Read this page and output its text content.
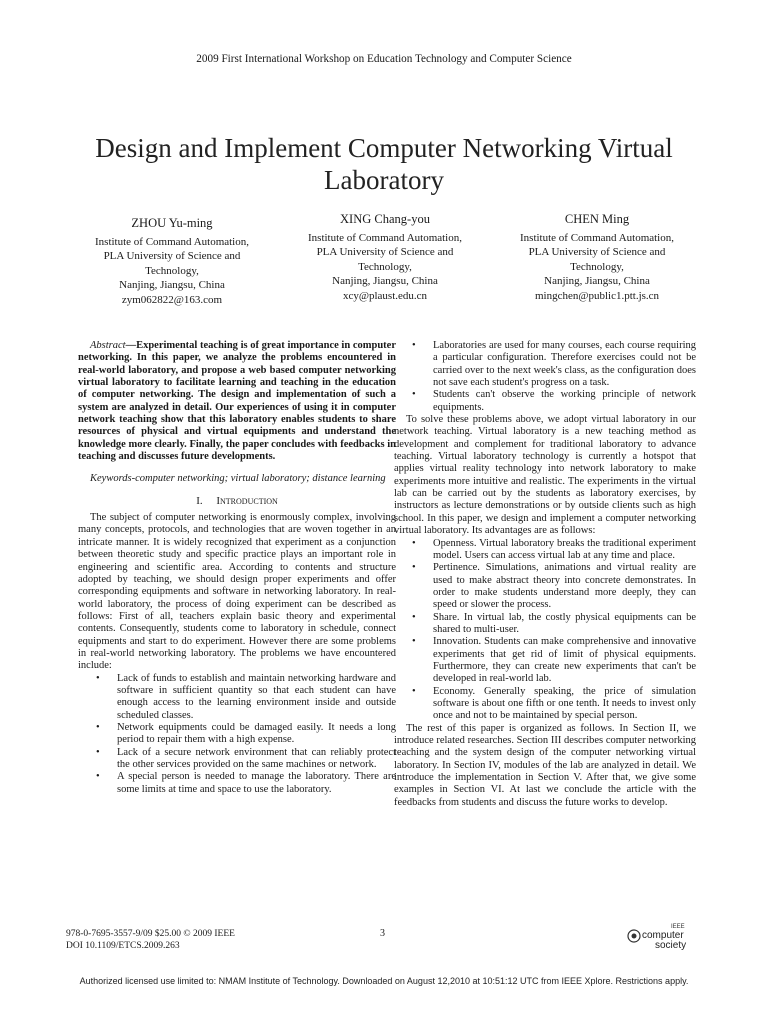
2009 First International Workshop on Education Technology and Computer Science
Design and Implement Computer Networking Virtual
Laboratory
ZHOU Yu-ming
Institute of Command Automation,
PLA University of Science and
Technology,
Nanjing, Jiangsu, China
zym062822@163.com
XING Chang-you
Institute of Command Automation,
PLA University of Science and
Technology,
Nanjing, Jiangsu, China
xcy@plaust.edu.cn
CHEN Ming
Institute of Command Automation,
PLA University of Science and
Technology,
Nanjing, Jiangsu, China
mingchen@public1.ptt.js.cn

Abstract—Experimental teaching is of great importance in computer networking. In this paper, we analyze the problems encountered in real-world laboratory, and propose a web based computer networking virtual laboratory to facilitate learning and teaching in the education of computer networking. The design and implementation of such a system are analyzed in detail. Our experiences of using it in computer network teaching show that this laboratory enables students to share resources of physical and virtual equipments and understand the knowledge more clearly. Finally, the paper concludes with feedbacks in teaching and discusses future developments.

Keywords-computer networking; virtual laboratory; distance learning

I. Introduction

The subject of computer networking is enormously complex, involving many concepts, protocols, and technologies that are woven together in an intricate manner. It is widely recognized that experiment as a conjunction between theoretic study and specific practice plays an important role in engineering and scientific area. According to contents and structure adopted by teaching, we should design proper experiments and offer corresponding equipments and software in networking laboratory. In real-world laboratory, the process of doing experiment can be described as follows: First of all, teachers explain basic theory and experimental contents. Consequently, students come to laboratory in schedule, connect equipments and start to do experiment. However there are some problems in real-world networking laboratory. The problems we have encountered include:

• Lack of funds to establish and maintain networking hardware and software in sufficient quantity so that each student can have enough access to the learning environment inside and outside scheduled classes.
• Network equipments could be damaged easily. It needs a long period to repair them with a high expense.
• Lack of a secure network environment that can reliably protect the other services provided on the same machines or network.
• A special person is needed to manage the laboratory. There are some limits at time and space to use the laboratory.
• Laboratories are used for many courses, each course requiring a particular configuration. Therefore exercises could not be carried over to the next week's class, as the configuration does not save each student's progress on a task.
• Students can't observe the working principle of network equipments.

To solve these problems above, we adopt virtual laboratory in our network teaching. Virtual laboratory is a new teaching method as development and complement for traditional laboratory to advance teaching. Virtual laboratory technology is currently a hotspot that applies virtual reality technology into network laboratory to make experiments more intuitive and realistic. The experiments in the virtual lab can be carried out by the students as laboratory exercises, by instructors as lecture demonstrations or by outside clients such as high school. In this paper, we design and implement a computer networking virtual laboratory. Its advantages are as follows:

• Openness. Virtual laboratory breaks the traditional experiment model. Users can access virtual lab at any time and place.
• Pertinence. Simulations, animations and virtual reality are used to make abstract theory into concrete demonstrates. In order to make students understand more deeply, they can speed or slower the process.
• Share. In virtual lab, the costly physical equipments can be shared to multi-user.
• Innovation. Students can make comprehensive and innovative experiments that get rid of limit of physical equipments. Furthermore, they can create new experiments that can't be developed in real-world lab.
• Economy. Generally speaking, the price of simulation software is about one fifth or one tenth. It needs to invest only once and not to be maintained by special person.

The rest of this paper is organized as follows. In Section II, we introduce related researches. Section III describes computer networking teaching and the system design of the computer networking virtual laboratory. In Section IV, modules of the lab are analyzed in detail. We introduce the implementation in Section V. After that, we give some examples in Section VI. At last we conclude the article with the feedbacks from students and discuss the future works to develop.

978-0-7695-3557-9/09 $25.00 © 2009 IEEE
DOI 10.1109/ETCS.2009.263
3
IEEE
computer
society
Authorized licensed use limited to: NMAM Institute of Technology. Downloaded on August 12,2010 at 10:51:12 UTC from IEEE Xplore. Restrictions apply.
